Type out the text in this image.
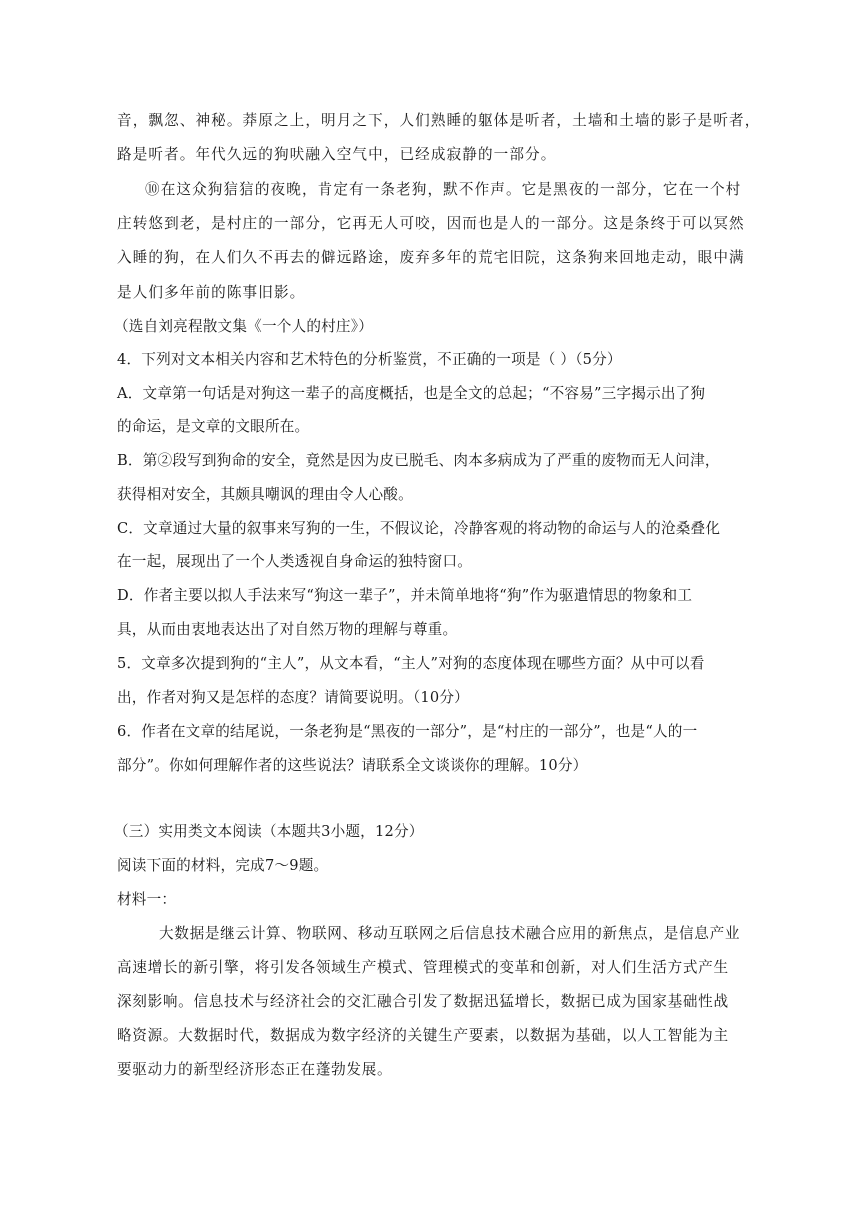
音，飘忽、神秘。莽原之上，明月之下，人们熟睡的躯体是听者，土墙和土墙的影子是听者，
路是听者。年代久远的狗吠融入空气中，已经成寂静的一部分。
⑩在这众狗狺狺的夜晚，肯定有一条老狗，默不作声。它是黑夜的一部分，它在一个村
庄转悠到老，是村庄的一部分，它再无人可咬，因而也是人的一部分。这是条终于可以冥然
入睡的狗，在人们久不再去的僻远路途，废弃多年的荒宅旧院，这条狗来回地走动，眼中满
是人们多年前的陈事旧影。
（选自刘亮程散文集《一个人的村庄》）
4．下列对文本相关内容和艺术特色的分析鉴赏，不正确的一项是（ ）（5分）
A．文章第一句话是对狗这一辈子的高度概括，也是全文的总起；“不容易”三字揭示出了狗
的命运，是文章的文眼所在。
B．第②段写到狗命的安全，竟然是因为皮已脱毛、肉本多病成为了严重的废物而无人问津，
获得相对安全，其颇具嘲讽的理由令人心酸。
C．文章通过大量的叙事来写狗的一生，不假议论，冷静客观的将动物的命运与人的沧桑叠化
在一起，展现出了一个人类透视自身命运的独特窗口。
D．作者主要以拟人手法来写“狗这一辈子”，并未简单地将“狗”作为驱遣情思的物象和工
具，从而由衷地表达出了对自然万物的理解与尊重。
5．文章多次提到狗的“主人”，从文本看，“主人”对狗的态度体现在哪些方面？从中可以看
出，作者对狗又是怎样的态度？请简要说明。（10分）
6．作者在文章的结尾说，一条老狗是“黑夜的一部分”，是“村庄的一部分”，也是“人的一
部分”。你如何理解作者的这些说法？请联系全文谈谈你的理解。10分）
（三）实用类文本阅读（本题共3小题，12分）
阅读下面的材料，完成7～9题。
材料一：
大数据是继云计算、物联网、移动互联网之后信息技术融合应用的新焦点，是信息产业
高速增长的新引擎，将引发各领域生产模式、管理模式的变革和创新，对人们生活方式产生
深刻影响。信息技术与经济社会的交汇融合引发了数据迅猛增长，数据已成为国家基础性战
略资源。大数据时代，数据成为数字经济的关键生产要素，以数据为基础，以人工智能为主
要驱动力的新型经济形态正在蓬勃发展。
